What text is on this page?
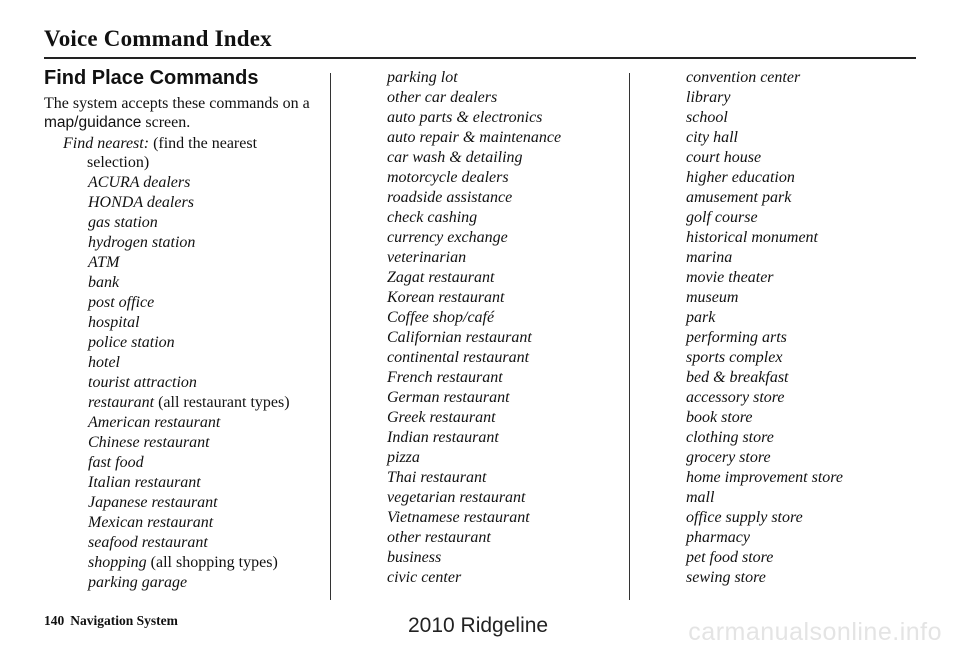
Voice Command Index
Find Place Commands
The system accepts these commands on a map/guidance screen.
Find nearest: (find the nearest
selection)
ACURA dealers
HONDA dealers
gas station
hydrogen station
ATM
bank
post office
hospital
police station
hotel
tourist attraction
restaurant (all restaurant types)
American restaurant
Chinese restaurant
fast food
Italian restaurant
Japanese restaurant
Mexican restaurant
seafood restaurant
shopping (all shopping types)
parking garage
parking lot
other car dealers
auto parts & electronics
auto repair & maintenance
car wash & detailing
motorcycle dealers
roadside assistance
check cashing
currency exchange
veterinarian
Zagat restaurant
Korean restaurant
Coffee shop/café
Californian restaurant
continental restaurant
French restaurant
German restaurant
Greek restaurant
Indian restaurant
pizza
Thai restaurant
vegetarian restaurant
Vietnamese restaurant
other restaurant
business
civic center
convention center
library
school
city hall
court house
higher education
amusement park
golf course
historical monument
marina
movie theater
museum
park
performing arts
sports complex
bed & breakfast
accessory store
book store
clothing store
grocery store
home improvement store
mall
office supply store
pharmacy
pet food store
sewing store
140 Navigation System	2010 Ridgeline	carmanualsonline.info
